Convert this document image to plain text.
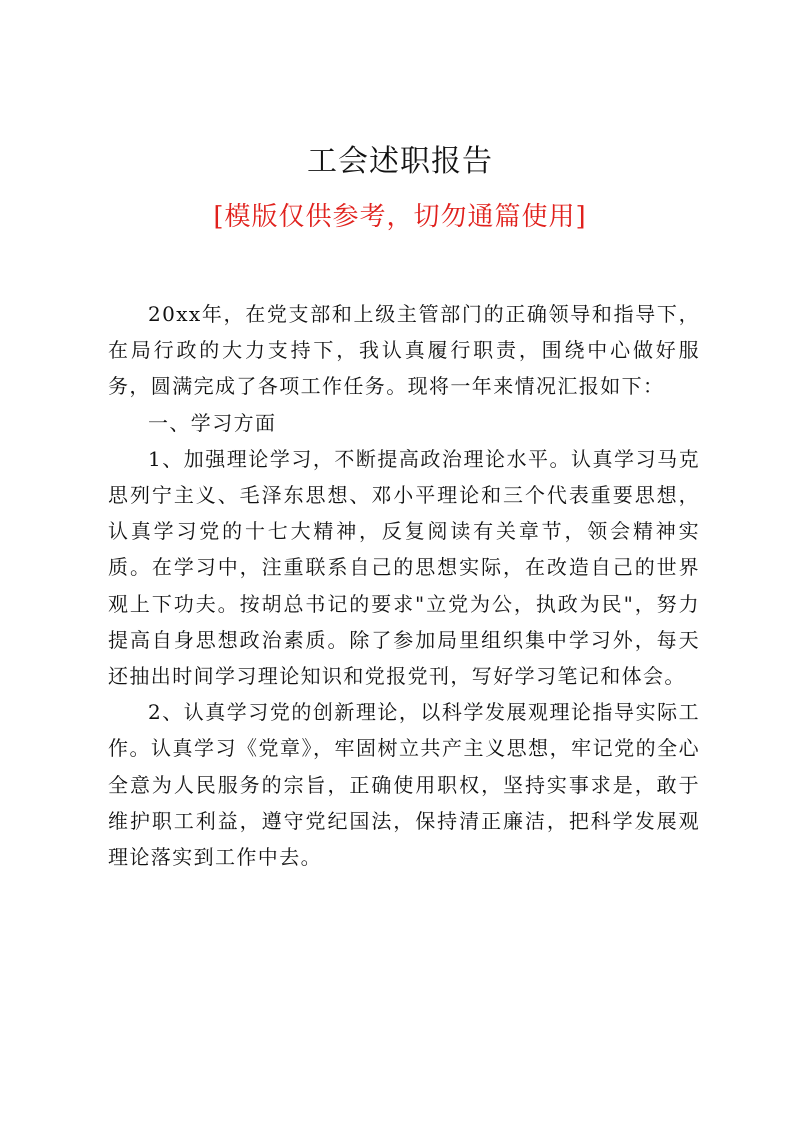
工会述职报告
[模版仅供参考，切勿通篇使用]

20xx年，在党支部和上级主管部门的正确领导和指导下，在局行政的大力支持下，我认真履行职责，围绕中心做好服务，圆满完成了各项工作任务。现将一年来情况汇报如下：

一、学习方面

1、加强理论学习，不断提高政治理论水平。认真学习马克思列宁主义、毛泽东思想、邓小平理论和三个代表重要思想，认真学习党的十七大精神，反复阅读有关章节，领会精神实质。在学习中，注重联系自己的思想实际，在改造自己的世界观上下功夫。按胡总书记的要求"立党为公，执政为民"，努力提高自身思想政治素质。除了参加局里组织集中学习外，每天还抽出时间学习理论知识和党报党刊，写好学习笔记和体会。

2、认真学习党的创新理论，以科学发展观理论指导实际工作。认真学习《党章》，牢固树立共产主义思想，牢记党的全心全意为人民服务的宗旨，正确使用职权，坚持实事求是，敢于维护职工利益，遵守党纪国法，保持清正廉洁，把科学发展观理论落实到工作中去。
